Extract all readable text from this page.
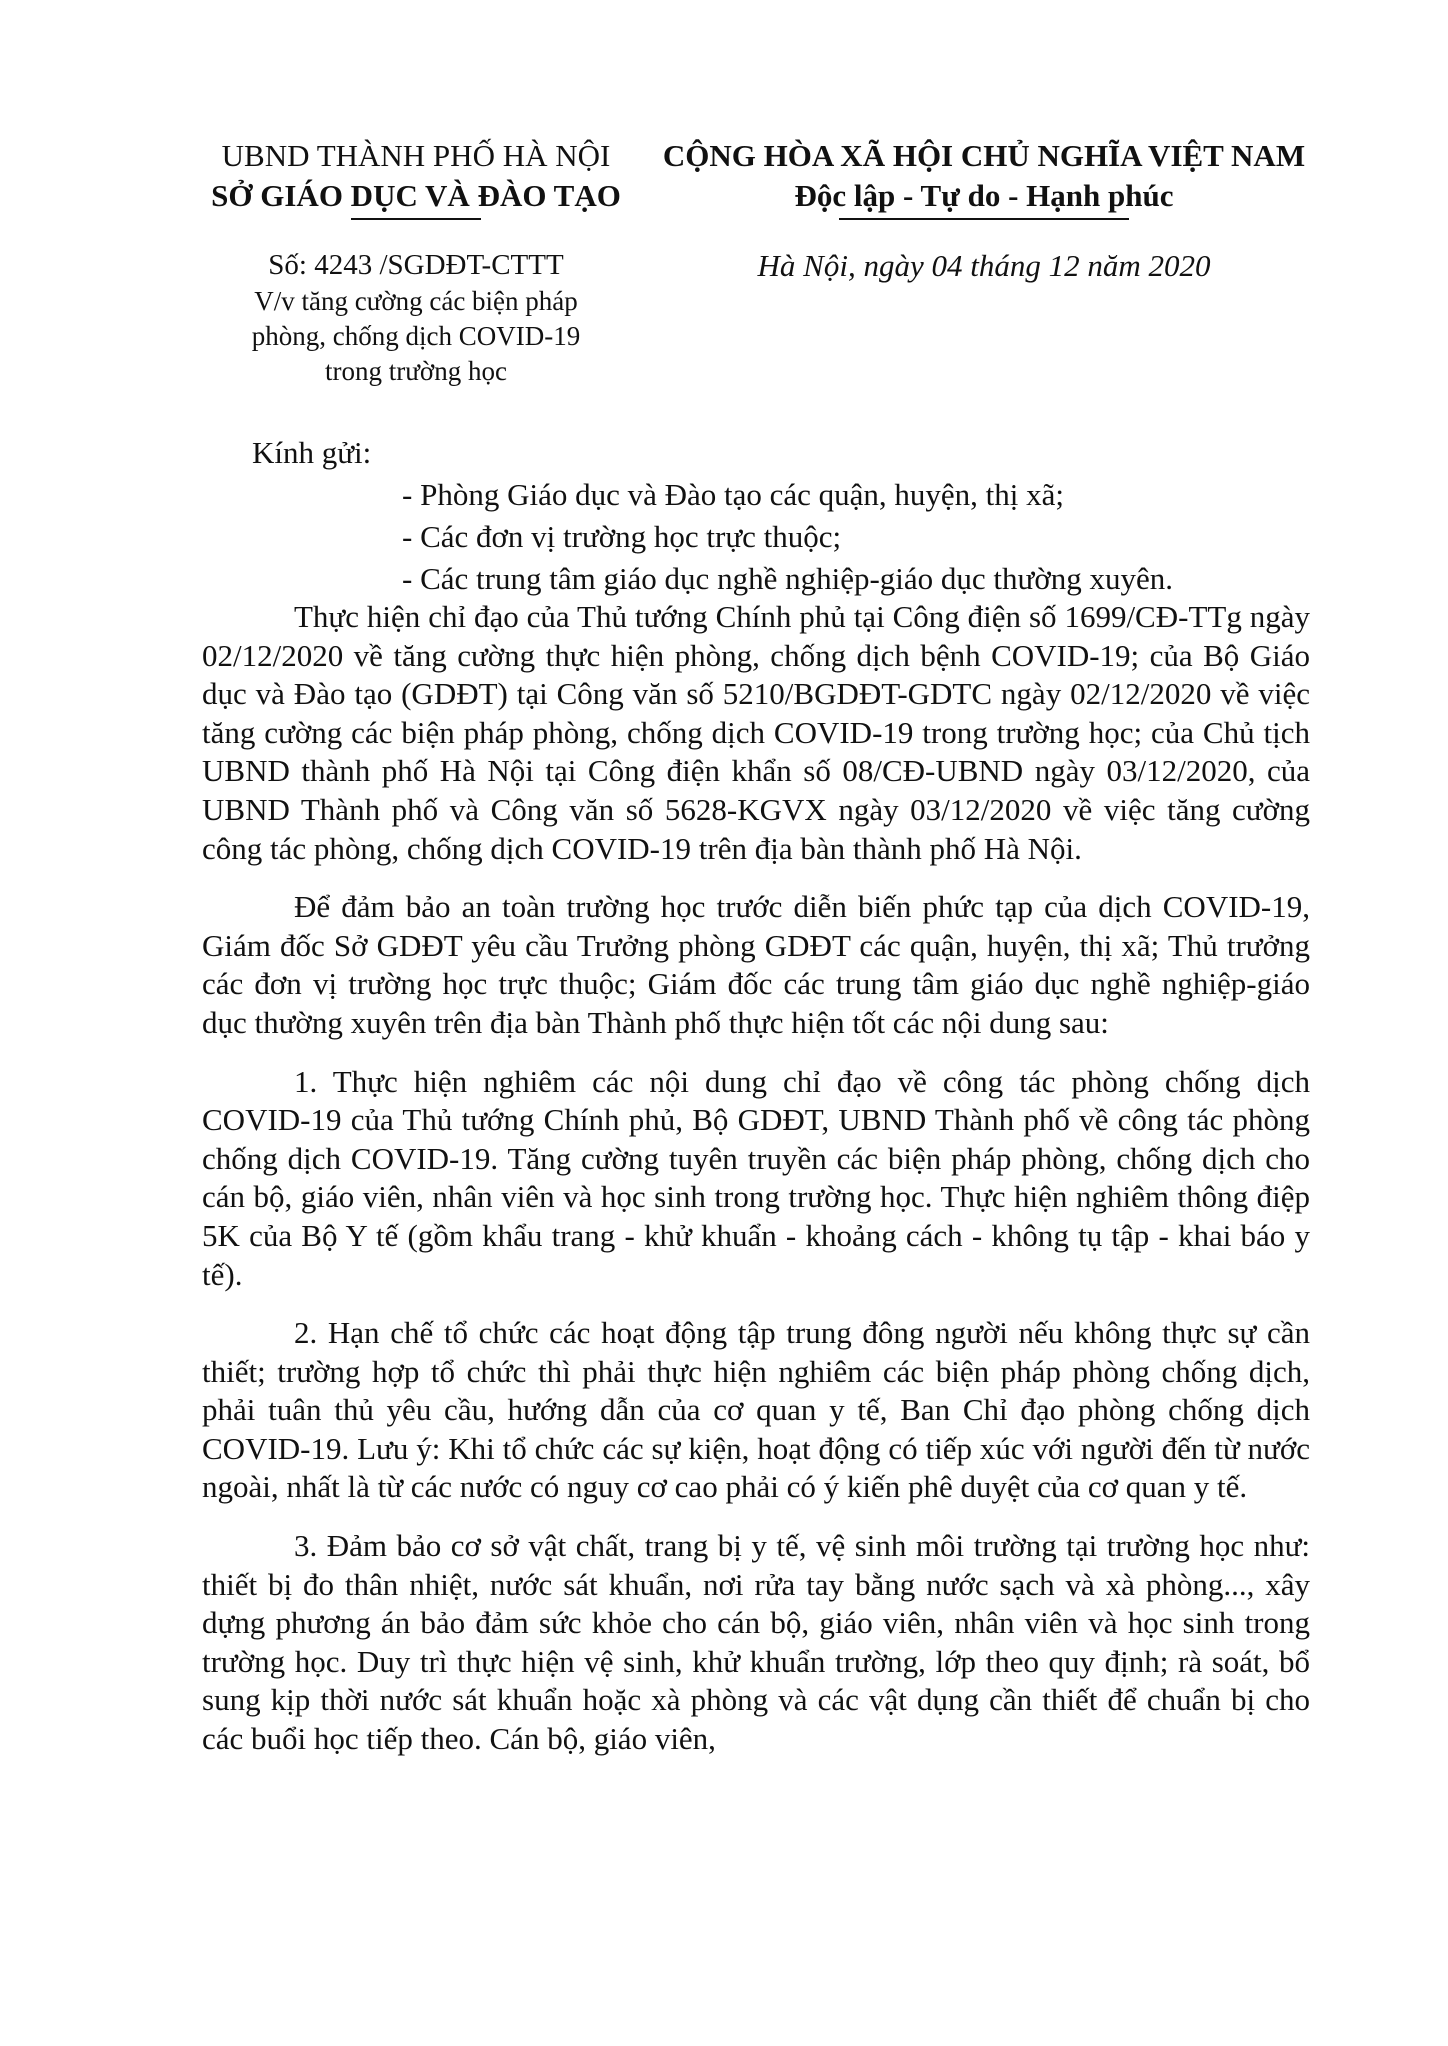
UBND THÀNH PHỐ HÀ NỘI
SỞ GIÁO DỤC VÀ ĐÀO TẠO
CỘNG HÒA XÃ HỘI CHỦ NGHĨA VIỆT NAM
Độc lập - Tự do - Hạnh phúc
Số: 4243 /SGDĐT-CTTT
V/v tăng cường các biện pháp
phòng, chống dịch COVID-19
trong trường học
Hà Nội, ngày 04 tháng 12 năm 2020
Kính gửi:
- Phòng Giáo dục và Đào tạo các quận, huyện, thị xã;
- Các đơn vị trường học trực thuộc;
- Các trung tâm giáo dục nghề nghiệp-giáo dục thường xuyên.

Thực hiện chỉ đạo của Thủ tướng Chính phủ tại Công điện số 1699/CĐ-TTg ngày 02/12/2020 về tăng cường thực hiện phòng, chống dịch bệnh COVID-19; của Bộ Giáo dục và Đào tạo (GDĐT) tại Công văn số 5210/BGDĐT-GDTC ngày 02/12/2020 về việc tăng cường các biện pháp phòng, chống dịch COVID-19 trong trường học; của Chủ tịch UBND thành phố Hà Nội tại Công điện khẩn số 08/CĐ-UBND ngày 03/12/2020, của UBND Thành phố và Công văn số 5628-KGVX ngày 03/12/2020 về việc tăng cường công tác phòng, chống dịch COVID-19 trên địa bàn thành phố Hà Nội.

Để đảm bảo an toàn trường học trước diễn biến phức tạp của dịch COVID-19, Giám đốc Sở GDĐT yêu cầu Trưởng phòng GDĐT các quận, huyện, thị xã; Thủ trưởng các đơn vị trường học trực thuộc; Giám đốc các trung tâm giáo dục nghề nghiệp-giáo dục thường xuyên trên địa bàn Thành phố thực hiện tốt các nội dung sau:

1. Thực hiện nghiêm các nội dung chỉ đạo về công tác phòng chống dịch COVID-19 của Thủ tướng Chính phủ, Bộ GDĐT, UBND Thành phố về công tác phòng chống dịch COVID-19. Tăng cường tuyên truyền các biện pháp phòng, chống dịch cho cán bộ, giáo viên, nhân viên và học sinh trong trường học. Thực hiện nghiêm thông điệp 5K của Bộ Y tế (gồm khẩu trang - khử khuẩn - khoảng cách - không tụ tập - khai báo y tế).

2. Hạn chế tổ chức các hoạt động tập trung đông người nếu không thực sự cần thiết; trường hợp tổ chức thì phải thực hiện nghiêm các biện pháp phòng chống dịch, phải tuân thủ yêu cầu, hướng dẫn của cơ quan y tế, Ban Chỉ đạo phòng chống dịch COVID-19. Lưu ý: Khi tổ chức các sự kiện, hoạt động có tiếp xúc với người đến từ nước ngoài, nhất là từ các nước có nguy cơ cao phải có ý kiến phê duyệt của cơ quan y tế.

3. Đảm bảo cơ sở vật chất, trang bị y tế, vệ sinh môi trường tại trường học như: thiết bị đo thân nhiệt, nước sát khuẩn, nơi rửa tay bằng nước sạch và xà phòng..., xây dựng phương án bảo đảm sức khỏe cho cán bộ, giáo viên, nhân viên và học sinh trong trường học. Duy trì thực hiện vệ sinh, khử khuẩn trường, lớp theo quy định; rà soát, bổ sung kịp thời nước sát khuẩn hoặc xà phòng và các vật dụng cần thiết để chuẩn bị cho các buổi học tiếp theo. Cán bộ, giáo viên,
